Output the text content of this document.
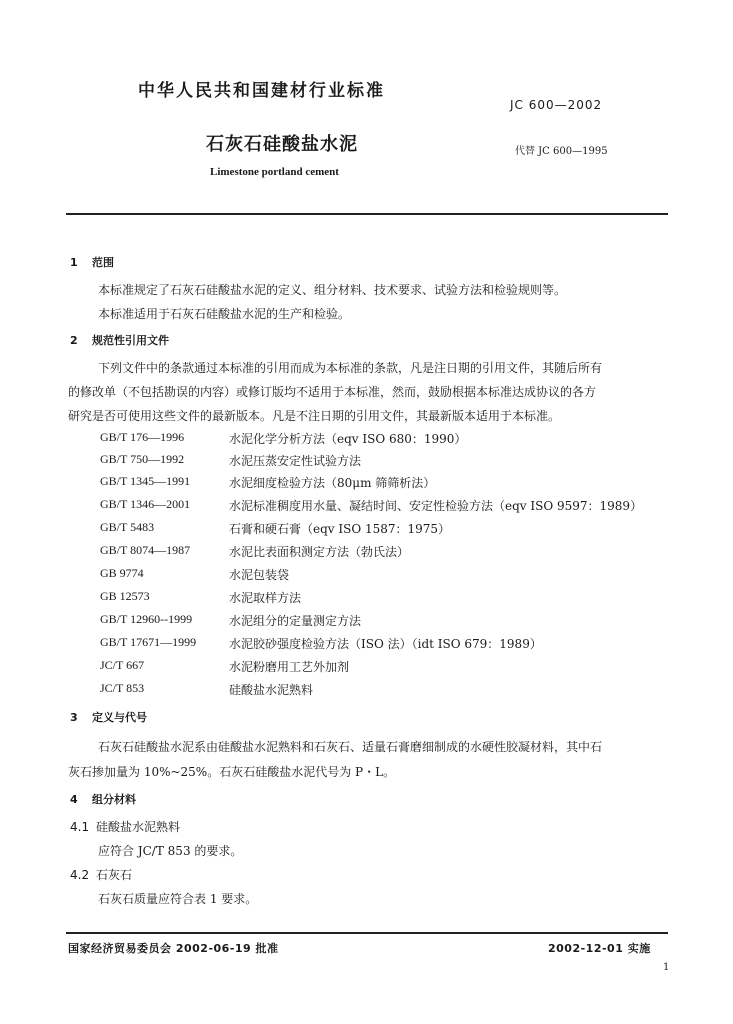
中华人民共和国建材行业标准
JC 600—2002
石灰石硅酸盐水泥	代替 JC 600—1995
Limestone portland cement
1 范围
本标准规定了石灰石硅酸盐水泥的定义、组分材料、技术要求、试验方法和检验规则等。
本标准适用于石灰石硅酸盐水泥的生产和检验。
2 规范性引用文件
下列文件中的条款通过本标准的引用而成为本标准的条款，凡是注日期的引用文件，其随后所有
的修改单（不包括勘误的内容）或修订版均不适用于本标准，然而，鼓励根据本标准达成协议的各方
研究是否可使用这些文件的最新版本。凡是不注日期的引用文件，其最新版本适用于本标准。
GB/T 176—1996	水泥化学分析方法（eqv ISO 680：1990）
GB/T 750—1992	水泥压蒸安定性试验方法
GB/T 1345—1991	水泥细度检验方法（80μm 筛筛析法）
GB/T 1346—2001	水泥标准稠度用水量、凝结时间、安定性检验方法（eqv ISO 9597：1989）
GB/T 5483	石膏和硬石膏（eqv ISO 1587：1975）
GB/T 8074—1987	水泥比表面积测定方法（勃氏法）
GB 9774	水泥包装袋
GB 12573	水泥取样方法
GB/T 12960--1999	水泥组分的定量测定方法
GB/T 17671—1999	水泥胶砂强度检验方法（ISO 法）（idt ISO 679：1989）
JC/T 667	水泥粉磨用工艺外加剂
JC/T 853	硅酸盐水泥熟料
3 定义与代号
石灰石硅酸盐水泥系由硅酸盐水泥熟料和石灰石、适量石膏磨细制成的水硬性胶凝材料，其中石
灰石掺加量为 10%~25%。石灰石硅酸盐水泥代号为 P・L。
4 组分材料
4.1 硅酸盐水泥熟料
应符合 JC/T 853 的要求。
4.2 石灰石
石灰石质量应符合表 1 要求。
国家经济贸易委员会 2002-06-19 批准	2002-12-01 实施
1
